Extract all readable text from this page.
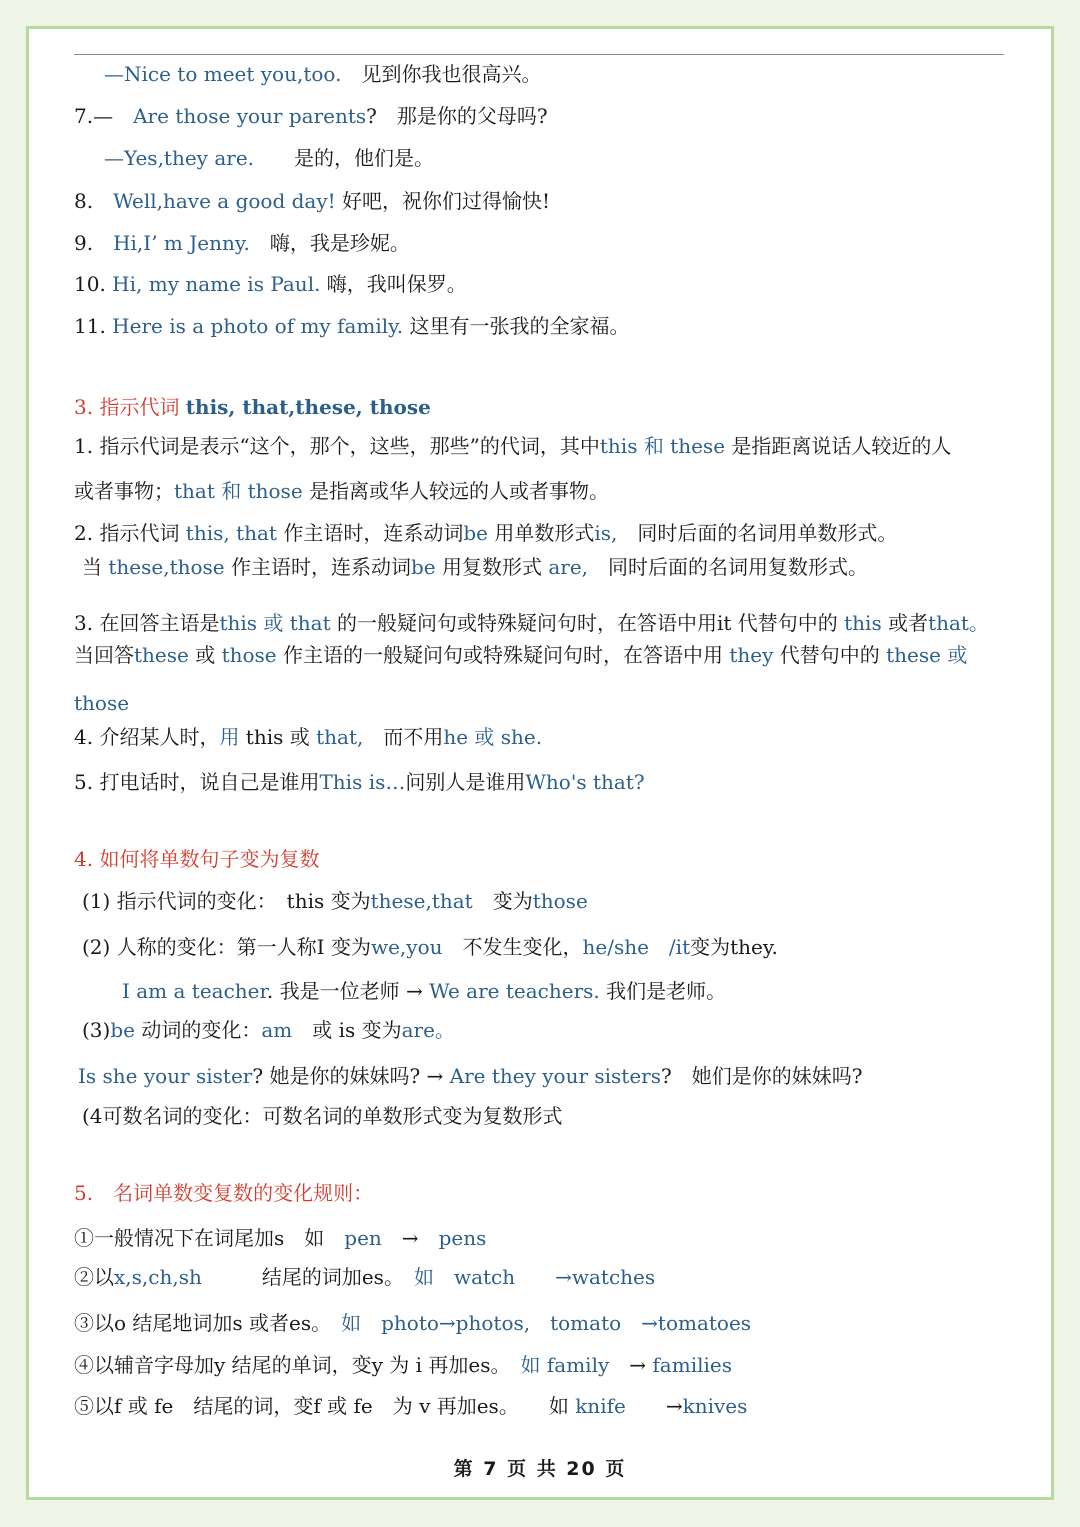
—Nice to meet you,too.　见到你我也很高兴。
7.—　Are those your parents?　那是你的父母吗?
—Yes,they are.　　是的，他们是。
8.　Well,have a good day! 好吧，祝你们过得愉快!
9.　Hi,I’ m Jenny.　嗨，我是珍妮。
10. Hi, my name is Paul. 嗨，我叫保罗。
11. Here is a photo of my family. 这里有一张我的全家福。
3. 指示代词 this, that,these, those
1. 指示代词是表示“这个，那个，这些，那些”的代词，其中this 和 these 是指距离说话人较近的人
或者事物；that 和 those 是指离或华人较远的人或者事物。
2. 指示代词 this, that 作主语时，连系动词be 用单数形式is,　同时后面的名词用单数形式。
当 these,those 作主语时，连系动词be 用复数形式 are,　同时后面的名词用复数形式。
3. 在回答主语是this 或 that 的一般疑问句或特殊疑问句时，在答语中用it 代替句中的 this 或者that。
当回答these 或 those 作主语的一般疑问句或特殊疑问句时，在答语中用 they 代替句中的 these 或
those
4. 介绍某人时，用 this 或 that,　而不用he 或 she.
5. 打电话时，说自己是谁用This is…问别人是谁用Who's that?
4. 如何将单数句子变为复数
(1) 指示代词的变化：　this 变为these,that　变为those
(2) 人称的变化：第一人称I 变为we,you　不发生变化，he/she　/it变为they.
　　I am a teacher. 我是一位老师 → We are teachers. 我们是老师。
(3)be 动词的变化：am　或 is 变为are。
Is she your sister? 她是你的妹妹吗? → Are they your sisters?　她们是你的妹妹吗?
(4可数名词的变化：可数名词的单数形式变为复数形式
5.　名词单数变复数的变化规则：
①一般情况下在词尾加s　如　pen　→　pens
②以x,s,ch,sh　　　结尾的词加es。　如　watch　　→watches
③以o 结尾地词加s 或者es。　如　photo→photos,　tomato　→tomatoes
④以辅音字母加y 结尾的单词，变y 为 i 再加es。　如 family　→ families
⑤以f 或 fe　结尾的词，变f 或 fe　为 v 再加es。　　如 knife　　→knives
第 7 页 共 20 页
